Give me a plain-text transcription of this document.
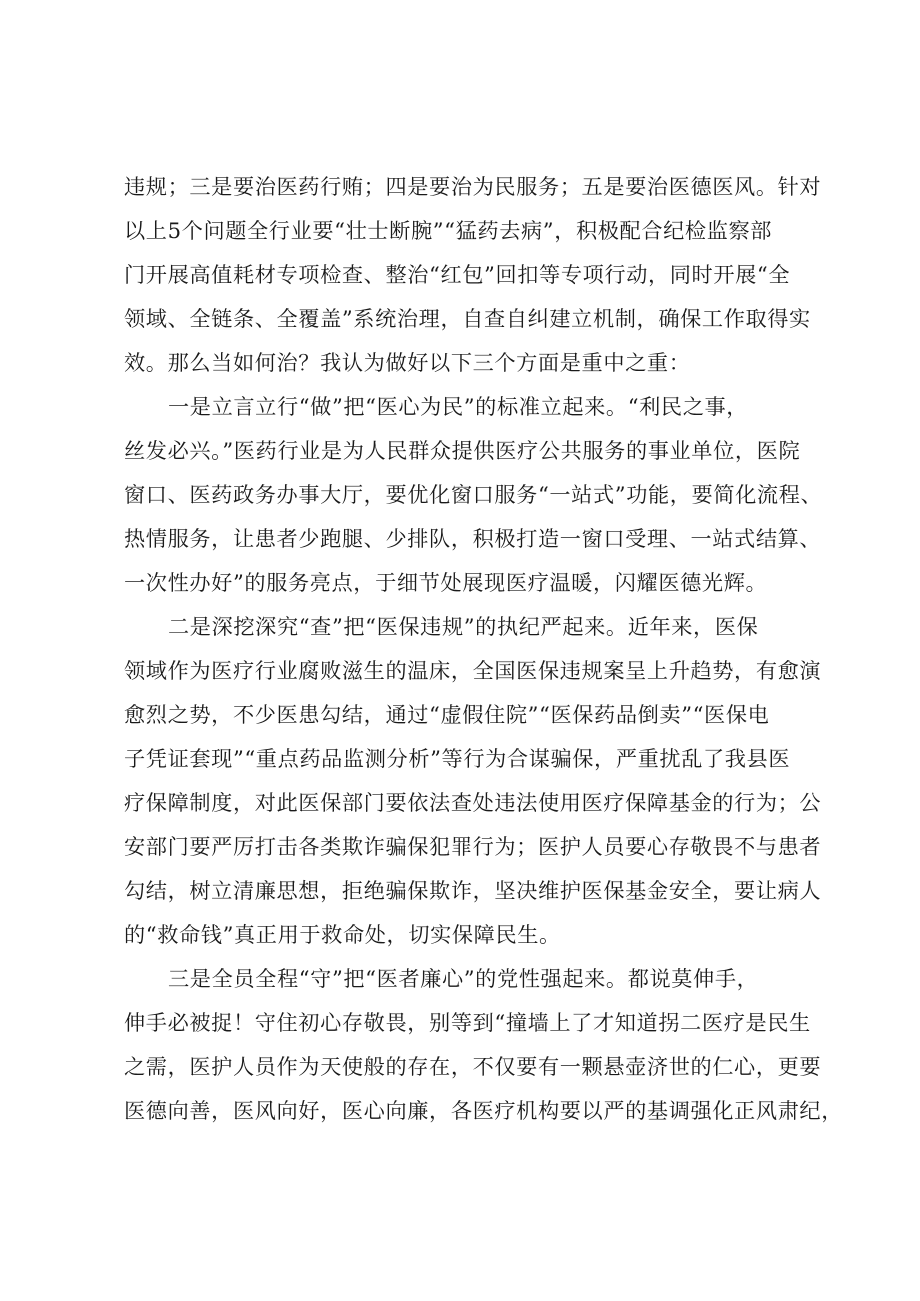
违规；三是要治医药行贿；四是要治为民服务；五是要治医德医风。针对

以上5个问题全行业要“壮士断腕”“猛药去病”，积极配合纪检监察部

门开展高值耗材专项检查、整治“红包”回扣等专项行动，同时开展“全

领域、全链条、全覆盖”系统治理，自查自纠建立机制，确保工作取得实

效。那么当如何治？我认为做好以下三个方面是重中之重：

一是立言立行“做”把“医心为民”的标准立起来。“利民之事，

丝发必兴。”医药行业是为人民群众提供医疗公共服务的事业单位，医院

窗口、医药政务办事大厅，要优化窗口服务“一站式”功能，要简化流程、

热情服务，让患者少跑腿、少排队，积极打造一窗口受理、一站式结算、

一次性办好”的服务亮点，于细节处展现医疗温暖，闪耀医德光辉。

二是深挖深究“查”把“医保违规”的执纪严起来。近年来，医保

领域作为医疗行业腐败滋生的温床，全国医保违规案呈上升趋势，有愈演

愈烈之势，不少医患勾结，通过“虚假住院”“医保药品倒卖”“医保电

子凭证套现”“重点药品监测分析”等行为合谋骗保，严重扰乱了我县医

疗保障制度，对此医保部门要依法查处违法使用医疗保障基金的行为；公

安部门要严厉打击各类欺诈骗保犯罪行为；医护人员要心存敬畏不与患者

勾结，树立清廉思想，拒绝骗保欺诈，坚决维护医保基金安全，要让病人

的“救命钱”真正用于救命处，切实保障民生。

三是全员全程“守”把“医者廉心”的党性强起来。都说莫伸手，

伸手必被捉！守住初心存敬畏，别等到“撞墙上了才知道拐二医疗是民生

之需，医护人员作为天使般的存在，不仅要有一颗悬壶济世的仁心，更要

医德向善，医风向好，医心向廉，各医疗机构要以严的基调强化正风肃纪，
